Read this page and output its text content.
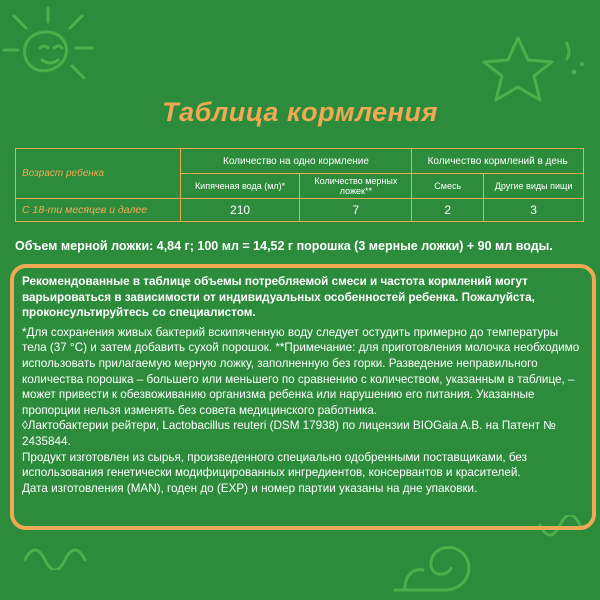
Таблица кормления
Возраст ребенка	Количество на одно кормление		Количество кормлений в день	
	Кипяченая вода (мл)*	Количество мерных ложек**	Смесь	Другие виды пищи
С 18-ти месяцев и далее	210	7	2	3
Объем мерной ложки: 4,84 г; 100 мл = 14,52 г порошка (3 мерные ложки) + 90 мл воды.

Рекомендованные в таблице объемы потребляемой смеси и частота кормлений могут варьироваться в зависимости от индивидуальных особенностей ребенка. Пожалуйста, проконсультируйтесь со специалистом.

*Для сохранения живых бактерий вскипяченную воду следует остудить примерно до температуры тела (37 °С) и затем добавить сухой порошок. **Примечание: для приготовления молочка необходимо использовать прилагаемую мерную ложку, заполненную без горки. Разведение неправильного количества порошка – большего или меньшего по сравнению с количеством, указанным в таблице, – может привести к обезвоживанию организма ребенка или нарушению его питания. Указанные пропорции нельзя изменять без совета медицинского работника.

◊Лактобактерии рейтери, Lactobacillus reuteri (DSM 17938) по лицензии BIOGaia A.B. на Патент № 2435844.

Продукт изготовлен из сырья, произведенного специально одобренными поставщиками, без использования генетически модифицированных ингредиентов, консервантов и красителей.

Дата изготовления (MAN), годен до (EXP) и номер партии указаны на дне упаковки.
